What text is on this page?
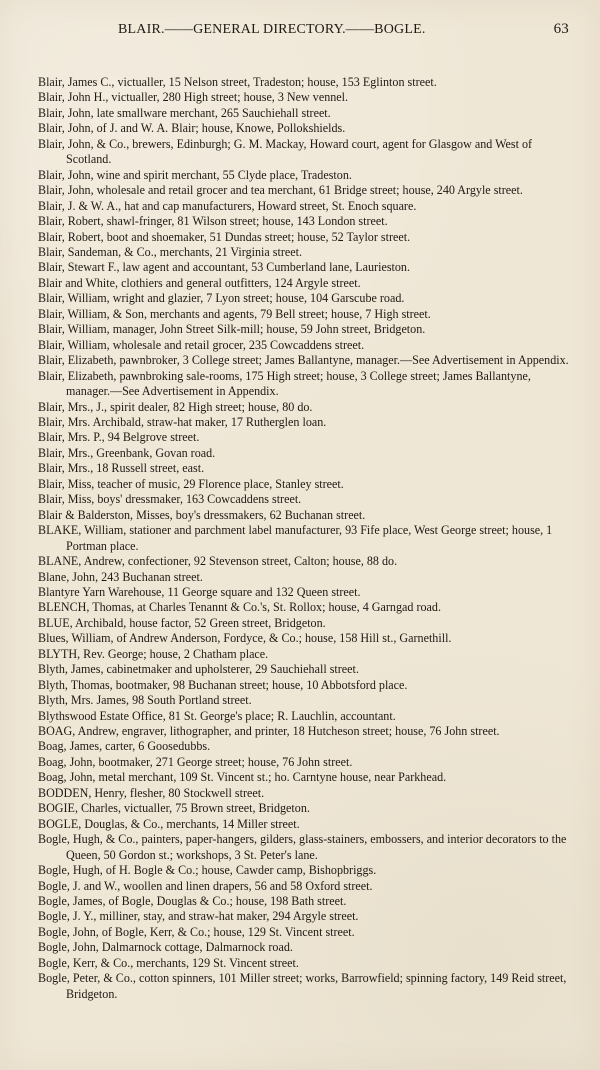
BLAIR.——GENERAL DIRECTORY.——BOGLE.	63

Blair, James C., victualler, 15 Nelson street, Tradeston; house, 153 Eglinton street.

Blair, John H., victualler, 280 High street; house, 3 New vennel.

Blair, John, late smallware merchant, 265 Sauchiehall street.

Blair, John, of J. and W. A. Blair; house, Knowe, Pollokshields.

Blair, John, & Co., brewers, Edinburgh; G. M. Mackay, Howard court, agent for Glasgow and West of Scotland.

Blair, John, wine and spirit merchant, 55 Clyde place, Tradeston.

Blair, John, wholesale and retail grocer and tea merchant, 61 Bridge street; house, 240 Argyle street.

Blair, J. & W. A., hat and cap manufacturers, Howard street, St. Enoch square.

Blair, Robert, shawl-fringer, 81 Wilson street; house, 143 London street.

Blair, Robert, boot and shoemaker, 51 Dundas street; house, 52 Taylor street.

Blair, Sandeman, & Co., merchants, 21 Virginia street.

Blair, Stewart F., law agent and accountant, 53 Cumberland lane, Laurieston.

Blair and White, clothiers and general outfitters, 124 Argyle street.

Blair, William, wright and glazier, 7 Lyon street; house, 104 Garscube road.

Blair, William, & Son, merchants and agents, 79 Bell street; house, 7 High street.

Blair, William, manager, John Street Silk-mill; house, 59 John street, Bridgeton.

Blair, William, wholesale and retail grocer, 235 Cowcaddens street.

Blair, Elizabeth, pawnbroker, 3 College street; James Ballantyne, manager.—See Advertisement in Appendix.

Blair, Elizabeth, pawnbroking sale-rooms, 175 High street; house, 3 College street; James Ballantyne, manager.—See Advertisement in Appendix.

Blair, Mrs., J., spirit dealer, 82 High street; house, 80 do.

Blair, Mrs. Archibald, straw-hat maker, 17 Rutherglen loan.

Blair, Mrs. P., 94 Belgrove street.

Blair, Mrs., Greenbank, Govan road.

Blair, Mrs., 18 Russell street, east.

Blair, Miss, teacher of music, 29 Florence place, Stanley street.

Blair, Miss, boys' dressmaker, 163 Cowcaddens street.

Blair & Balderston, Misses, boy's dressmakers, 62 Buchanan street.

BLAKE, William, stationer and parchment label manufacturer, 93 Fife place, West George street; house, 1 Portman place.

BLANE, Andrew, confectioner, 92 Stevenson street, Calton; house, 88 do.

Blane, John, 243 Buchanan street.

Blantyre Yarn Warehouse, 11 George square and 132 Queen street.

BLENCH, Thomas, at Charles Tenannt & Co.'s, St. Rollox; house, 4 Garngad road.

BLUE, Archibald, house factor, 52 Green street, Bridgeton.

Blues, William, of Andrew Anderson, Fordyce, & Co.; house, 158 Hill st., Garnethill.

BLYTH, Rev. George; house, 2 Chatham place.

Blyth, James, cabinetmaker and upholsterer, 29 Sauchiehall street.

Blyth, Thomas, bootmaker, 98 Buchanan street; house, 10 Abbotsford place.

Blyth, Mrs. James, 98 South Portland street.

Blythswood Estate Office, 81 St. George's place; R. Lauchlin, accountant.

BOAG, Andrew, engraver, lithographer, and printer, 18 Hutcheson street; house, 76 John street.

Boag, James, carter, 6 Goosedubbs.

Boag, John, bootmaker, 271 George street; house, 76 John street.

Boag, John, metal merchant, 109 St. Vincent st.; ho. Carntyne house, near Parkhead.

BODDEN, Henry, flesher, 80 Stockwell street.

BOGIE, Charles, victualler, 75 Brown street, Bridgeton.

BOGLE, Douglas, & Co., merchants, 14 Miller street.

Bogle, Hugh, & Co., painters, paper-hangers, gilders, glass-stainers, embossers, and interior decorators to the Queen, 50 Gordon st.; workshops, 3 St. Peter's lane.

Bogle, Hugh, of H. Bogle & Co.; house, Cawder camp, Bishopbriggs.

Bogle, J. and W., woollen and linen drapers, 56 and 58 Oxford street.

Bogle, James, of Bogle, Douglas & Co.; house, 198 Bath street.

Bogle, J. Y., milliner, stay, and straw-hat maker, 294 Argyle street.

Bogle, John, of Bogle, Kerr, & Co.; house, 129 St. Vincent street.

Bogle, John, Dalmarnock cottage, Dalmarnock road.

Bogle, Kerr, & Co., merchants, 129 St. Vincent street.

Bogle, Peter, & Co., cotton spinners, 101 Miller street; works, Barrowfield; spinning factory, 149 Reid street, Bridgeton.
